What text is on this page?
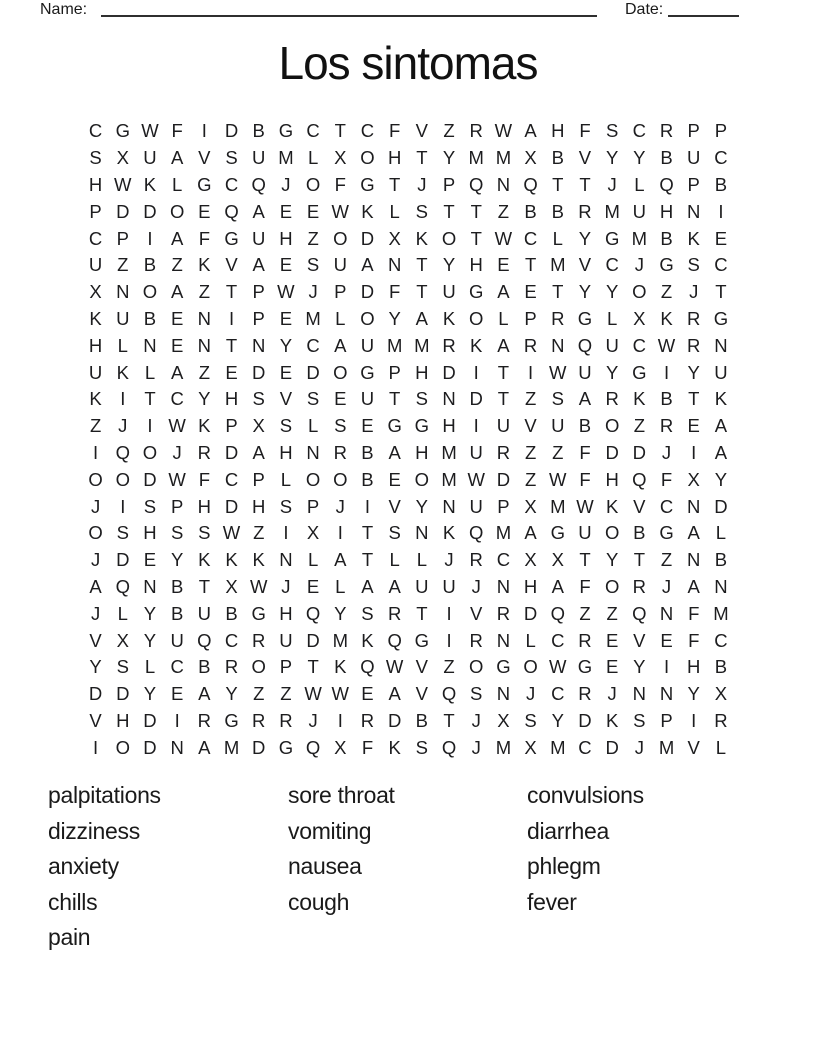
Name:	Date:
Los sintomas
C G W F	I D B G C T C F V Z R W A H F S C R P P
S X U A V S U M L X O H T Y M M X B V Y Y B U C
H W K L G C Q J O F G T J P Q N Q T T J L Q P B
P D D O E Q A E E W K L S T T Z B B R M U H N I
C P I A F G U H Z O D X K O T W C L Y G M B K E
U Z B Z K V A E S U A N T Y H E T M V C J G S C
X N O A Z T P W J P D F T U G A E T Y Y O Z J T
K U B E N I P E M L O Y A K O L P R G L X K R G
H L N E N T N Y C A U M M R K A R N Q U C W R N
U K L A Z E D E D O G P H D I	T	I W U Y G I Y U
K I	T C Y H S V S E U T S N D T Z S A R K B T K
Z J	I W K P X S L S E G G H I U V U B O Z R E A
I Q O J R D A H N R B A H M U R Z Z F D D J	I A
O O D W F C P L O O B E O M W D Z W F H Q F X Y
J	I S P H D H S P J	I V Y N U P X M W K V C N D
O S H S S W Z	I X I	T S N K Q M A G U O B G A L
J D E Y K K K N L A T L L J R C X X T Y T Z N B
A Q N B T X W J E L A A U U J N H A F O R J A N
J L Y B U B G H Q Y S R T	I V R D Q Z Z Q N F M
V X Y U Q C R U D M K Q G I R N L C R E V E F C
Y S L C B R O P T K Q W V Z O G O W G E Y I H B
D D Y E A Y Z Z W W E A V Q S N J C R J N N Y X
V H D I R G R R J	I R D B T J X S Y D K S P I R
I O D N A M D G Q X F K S Q J M X M C D J M V L
palpitations
dizziness
anxiety
chills
pain
sore throat
vomiting
nausea
cough
convulsions
diarrhea
phlegm
fever
